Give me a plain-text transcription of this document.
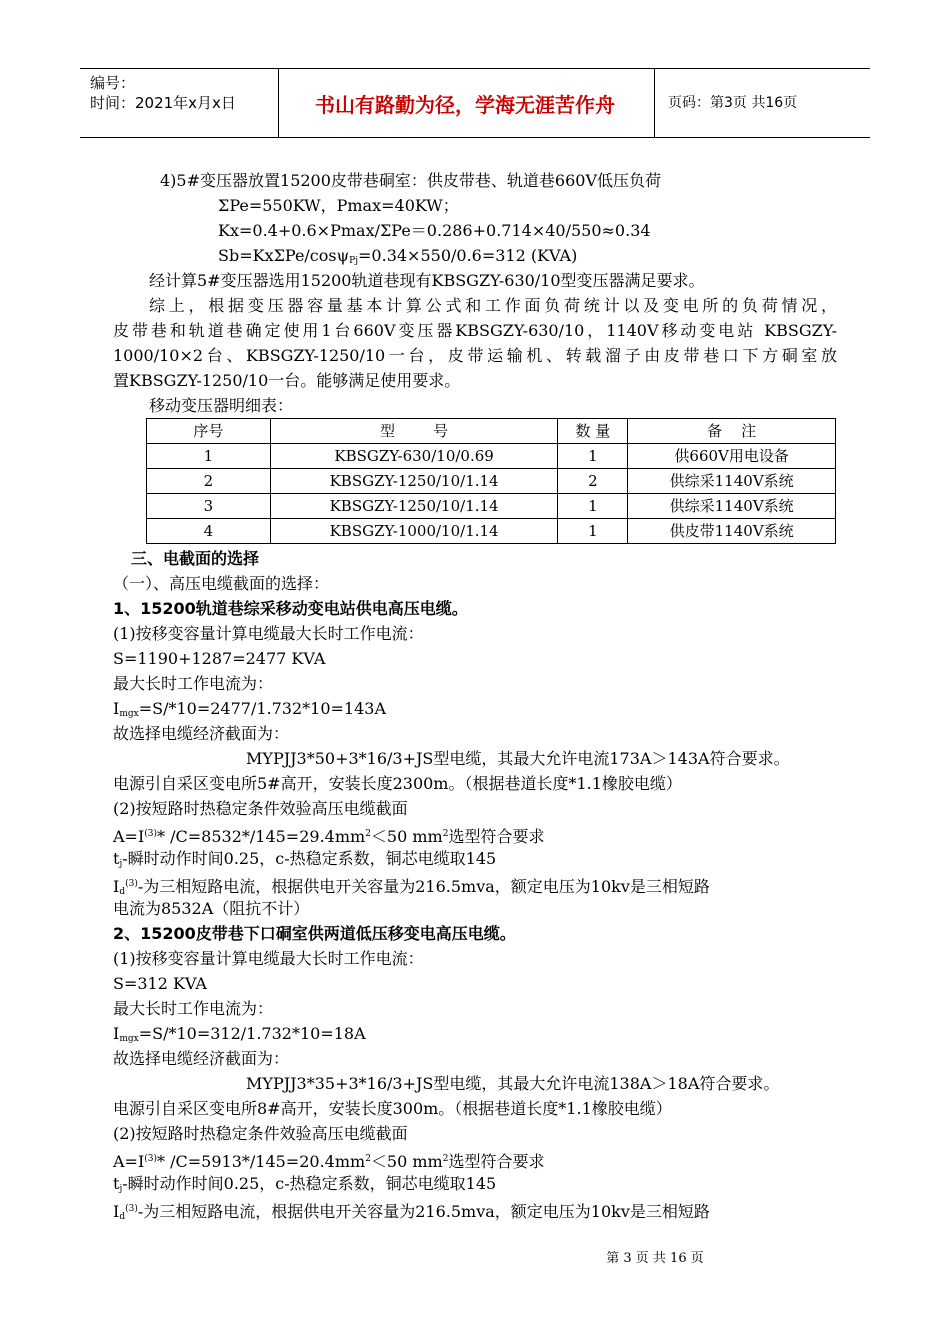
编号：
时间：2021年x月x日	书山有路勤为径，学海无涯苦作舟	页码：第3页 共16页
4)5#变压器放置15200皮带巷硐室：供皮带巷、轨道巷660V低压负荷
ΣPe=550KW，Pmax=40KW；
Kx=0.4+0.6×Pmax/ΣPe＝0.286+0.714×40/550≈0.34
Sb=KxΣPe/cosψ$_{Pj}$=0.34×550/0.6=312 (KVA)
经计算5#变压器选用15200轨道巷现有KBSGZY-630/10型变压器满足要求。
综上，根据变压器容量基本计算公式和工作面负荷统计以及变电所的负荷情况，
皮带巷和轨道巷确定使用1台660V变压器KBSGZY-630/10，1140V移动变电站 KBSGZY-
1000/10×2台、KBSGZY-1250/10一台，皮带运输机、转载溜子由皮带巷口下方硐室放
置KBSGZY-1250/10一台。能够满足使用要求。
移动变压器明细表：
序号	型        号	数 量	备    注
1	KBSGZY-630/10/0.69	1	供660V用电设备
2	KBSGZY-1250/10/1.14	2	供综采1140V系统
3	KBSGZY-1250/10/1.14	1	供综采1140V系统
4	KBSGZY-1000/10/1.14	1	供皮带1140V系统
三、电截面的选择
（一）、高压电缆截面的选择：
1、15200轨道巷综采移动变电站供电高压电缆。
(1)按移变容量计算电缆最大长时工作电流：
S=1190+1287=2477 KVA
最大长时工作电流为：
$I_{mgx}=S/*10=2477/1.732*10=143A$
故选择电缆经济截面为：
MYPJJ3*50+3*16/3+JS型电缆，其最大允许电流173A＞143A符合要求。
电源引自采区变电所5#高开，安装长度2300m。（根据巷道长度*1.1橡胶电缆）
(2)按短路时热稳定条件效验高压电缆截面
$A=I^{(3)}*$ $/C=8532*/145=29.4mm^2<50$ $mm^2$选型符合要求
$t_j-$瞬时动作时间0.25，c-热稳定系数，铜芯电缆取145
$I_d^{(3)}-$为三相短路电流，根据供电开关容量为216.5mva，额定电压为10kv是三相短路
电流为8532A（阻抗不计）
2、15200皮带巷下口硐室供两道低压移变电高压电缆。
(1)按移变容量计算电缆最大长时工作电流：
S=312 KVA
最大长时工作电流为：
$I_{mgx}=S/*10=312/1.732*10=18A$
故选择电缆经济截面为：
MYPJJ3*35+3*16/3+JS型电缆，其最大允许电流138A＞18A符合要求。
电源引自采区变电所8#高开，安装长度300m。（根据巷道长度*1.1橡胶电缆）
(2)按短路时热稳定条件效验高压电缆截面
$A=I^{(3)}*$ $/C=5913*/145=20.4mm^2<50$ $mm^2$选型符合要求
$t_j-$瞬时动作时间0.25，c-热稳定系数，铜芯电缆取145
$I_d^{(3)}-$为三相短路电流，根据供电开关容量为216.5mva，额定电压为10kv是三相短路
第 3 页 共 16 页
